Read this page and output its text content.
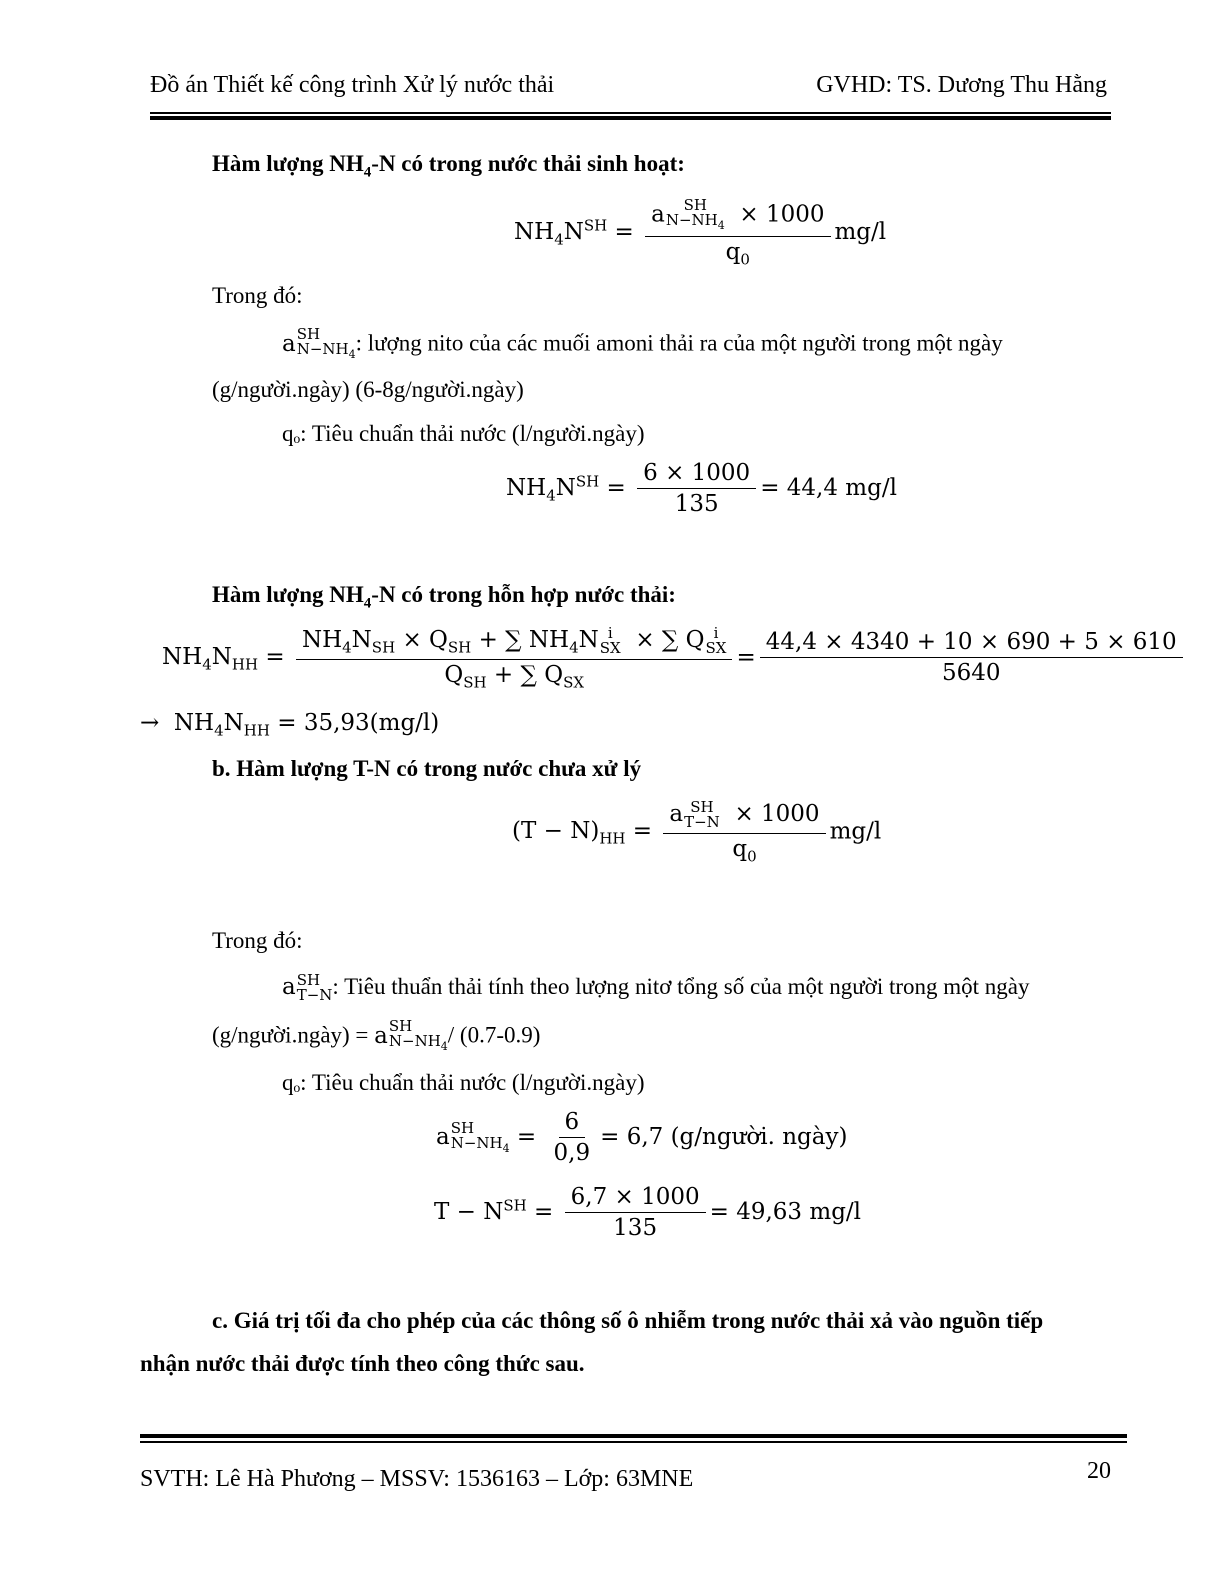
Đồ án Thiết kế công trình Xử lý nước thải	GVHD: TS. Dương Thu Hằng
Hàm lượng $NH_4-N$ có trong nước thải sinh hoạt:
$NH_4N^{SH} = a$	SH
$N-NH_4 \times 1000$
$q_0$ mg/l
Trong đó:
a SH
$N-NH_4$ : lượng nito của các muối amoni thải ra của một người trong một ngày
(g/người.ngày) (6-8g/người.ngày)
qₒ: Tiêu chuẩn thải nước (l/người.ngày)
$NH_4N^{SH} = \frac{6 \times 1000}{135} = 44,4$ mg/l
Hàm lượng $NH_4-N$ có trong hỗn hợp nước thải:
$NH_4N_{HH} = NH_4N_{SH} \times Q_{SH}$ + ∑ $NH_4N$ i
SX × ∑ Q i
SX
$Q_{SH}$ + ∑ $Q_{SX} = \frac{44,4 \times 4340 + 10 \times 690 + 5 \times 610}{5640}$
→  $NH_4N_{HH} = 35,93(mg/l)$
b. Hàm lượng T-N có trong nước chưa xử lý
$(T - N)_{HH} = a$ SH
T−N × 1000
$q_0$ mg/l
Trong đó:
a SH
T−N : Tiêu thuẩn thải tính theo lượng nitơ tổng số của một người trong một ngày
(g/người.ngày) = a SH
$N-NH_4 / (0.7-0.9)$
qₒ: Tiêu chuẩn thải nước (l/người.ngày)
a SH
$N-NH_4 = \frac{6}{0,9} = 6,7$ (g/người. ngày)
$T - N^{SH} = \frac{6,7 \times 1000}{135} = 49,63$ mg/l
c. Giá trị tối đa cho phép của các thông số ô nhiễm trong nước thải xả vào nguồn tiếp
nhận nước thải được tính theo công thức sau.
SVTH: Lê Hà Phương – MSSV: 1536163 – Lớp: 63MNE	20
